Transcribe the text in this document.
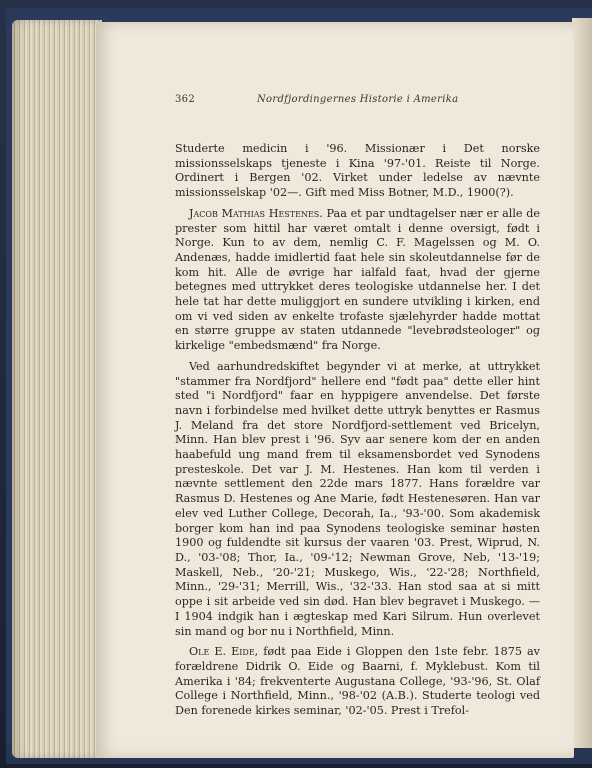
362	Nordfjordingernes Historie i Amerika

Studerte medicin i '96. Missionær i Det norske missionsselskaps tjeneste i Kina '97-'01. Reiste til Norge. Ordinert i Bergen '02. Virket under ledelse av nævnte missionsselskap '02—. Gift med Miss Botner, M.D., 1900(?).

Jacob Mathias Hestenes. Paa et par undtagelser nær er alle de prester som hittil har været omtalt i denne oversigt, født i Norge. Kun to av dem, nemlig C. F. Magelssen og M. O. Andenæs, hadde imidlertid faat hele sin skoleutdannelse før de kom hit. Alle de øvrige har ialfald faat, hvad der gjerne betegnes med uttrykket deres teologiske utdannelse her. I det hele tat har dette muliggjort en sundere utvikling i kirken, end om vi ved siden av enkelte trofaste sjælehyrder hadde mottat en større gruppe av staten utdannede "levebrødsteologer" og kirkelige "embedsmænd" fra Norge.

Ved aarhundredskiftet begynder vi at merke, at uttrykket "stammer fra Nordfjord" hellere end "født paa" dette eller hint sted "i Nordfjord" faar en hyppigere anvendelse. Det første navn i forbindelse med hvilket dette uttryk benyttes er Rasmus J. Meland fra det store Nordfjord-settlement ved Bricelyn, Minn. Han blev prest i '96. Syv aar senere kom der en anden haabefuld ung mand frem til eksamensbordet ved Synodens presteskole. Det var J. M. Hestenes. Han kom til verden i nævnte settlement den 22de mars 1877. Hans forældre var Rasmus D. Hestenes og Ane Marie, født Hestenesøren. Han var elev ved Luther College, Decorah, Ia., '93-'00. Som akademisk borger kom han ind paa Synodens teologiske seminar høsten 1900 og fuldendte sit kursus der vaaren '03. Prest, Wiprud, N. D., '03-'08; Thor, Ia., '09-'12; Newman Grove, Neb, '13-'19; Maskell, Neb., '20-'21; Muskego, Wis., '22-'28; Northfield, Minn., '29-'31; Merrill, Wis., '32-'33. Han stod saa at si mitt oppe i sit arbeide ved sin død. Han blev begravet i Muskego. — I 1904 indgik han i ægteskap med Kari Silrum. Hun overlevet sin mand og bor nu i Northfield, Minn.

Ole E. Eide, født paa Eide i Gloppen den 1ste febr. 1875 av forældrene Didrik O. Eide og Baarni, f. Myklebust. Kom til Amerika i '84; frekventerte Augustana College, '93-'96, St. Olaf College i Northfield, Minn., '98-'02 (A.B.). Studerte teologi ved Den forenede kirkes seminar, '02-'05. Prest i Trefol-
